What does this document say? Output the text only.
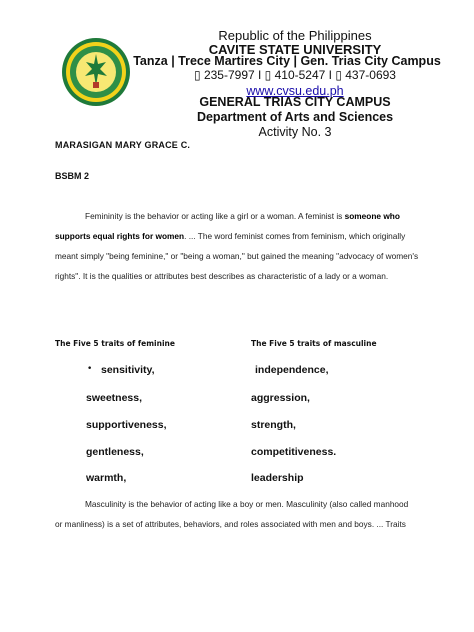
Republic of the Philippines
CAVITE STATE UNIVERSITY
Tanza | Trece Martires City | Gen. Trias City Campus
▯ 235-7997 I ▯ 410-5247 I ▯ 437-0693
www.cvsu.edu.ph
GENERAL TRIAS CITY CAMPUS
Department of Arts and Sciences
Activity No. 3
MARASIGAN MARY GRACE C.
BSBM 2
Femininity is the behavior or acting like a girl or a woman. A feminist is someone who
supports equal rights for women. ... The word feminist comes from feminism, which originally
meant simply "being feminine," or "being a woman," but gained the meaning "advocacy of women's
rights". It is the qualities or attributes best describes as characteristic of a lady or a woman.
The Five 5 traits of feminine	The Five 5 traits of masculine
• sensitivity,
sweetness,
supportiveness,
gentleness,
warmth,
independence,
aggression,
strength,
competitiveness.
leadership
Masculinity is the behavior of acting like a boy or men. Masculinity (also called manhood
or manliness) is a set of attributes, behaviors, and roles associated with men and boys. ... Traits
